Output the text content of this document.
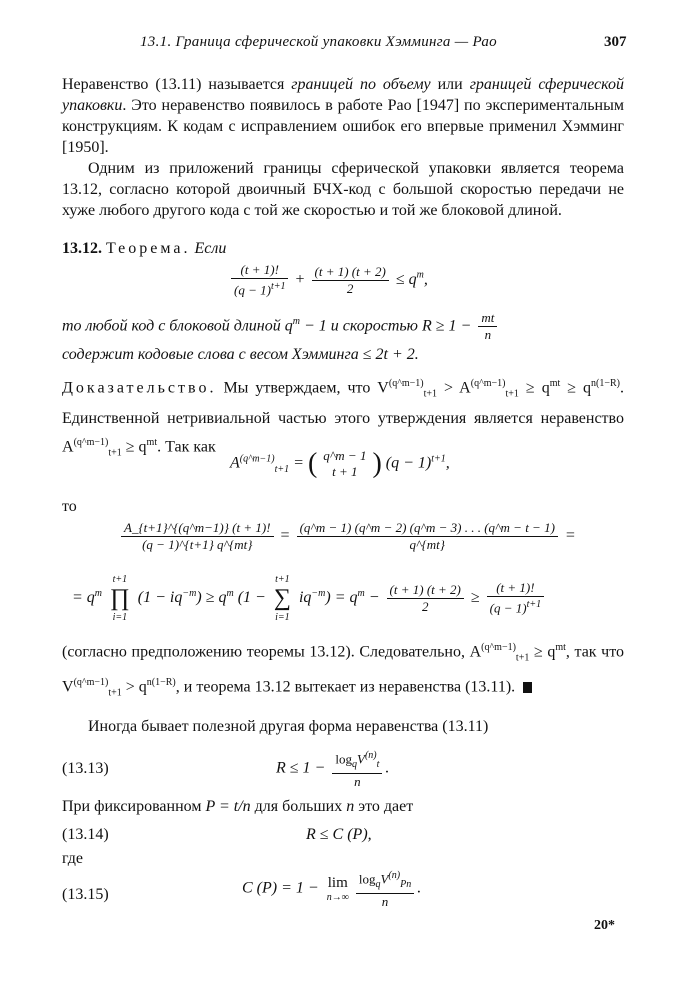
13.1. Граница сферической упаковки Хэмминга — Рао	307
Неравенство (13.11) называется границей по объему или границей сферической упаковки. Это неравенство появилось в работе Рао [1947] по экспериментальным конструкциям. К кодам с исправлением ошибок его впервые применил Хэмминг [1950].
Одним из приложений границы сферической упаковки является теорема 13.12, согласно которой двоичный БЧХ-код с большой скоростью передачи не хуже любого другого кода с той же скоростью и той же блоковой длиной.
13.12. Теорема. Если
$\frac{(t + 1)!}{(q - 1)^{t+1}} + \frac{(t + 1) (t + 2)}{2} \le q^m$,
то любой код с блоковой длиной $q^m - 1$ и скоростью $R \ge 1 - \frac{mt}{n}$

содержит кодовые слова с весом Хэмминга ≤ 2t + 2.
Доказательство. Мы утверждаем, что $V^{(q\^{}m-1)}_{t+1} > A^{(q\^{}m-1)}_{t+1} \ge q^{mt} \ge q^{n(1-R)}$. Единственной нетривиальной частью этого утверждения является неравенство $A^{(q\^{}m-1)}_{t+1} \ge q^{mt}$. Так как
$A^{(q\^{}m-1)}_{t+1}$ = ( q^m − 1
t + 1 ) $(q - 1)^{t+1}$,
то
$\frac{A\_\{t+1\}\^{}\{(q\^{}m-1)\} (t + 1)!}{(q - 1)\^{}\{t+1\} q\^{}\{mt\}} = \frac{(q\^{}m - 1) (q\^{}m - 2) (q\^{}m - 3) . . . (q\^{}m - t - 1)}{q\^{}\{mt\}}$ =
= $q^m$
t+1
∏
i=1
$(1 - iq^{-m}) \ge q^m$ (1 −
t+1
∑
i=1
$iq^{-m}) = q^m - \frac{(t + 1) (t + 2)}{2} \ge \frac{(t + 1)!}{(q - 1)^{t+1}}$
(согласно предположению теоремы 13.12). Следовательно, $A^{(q\^{}m-1)}_{t+1} \ge q^{mt}$, так что $V^{(q\^{}m-1)}_{t+1} > q^{n(1-R)}$, и теорема 13.12 вытекает из неравенства (13.11).
Иногда бывает полезной другая форма неравенства (13.11)
(13.13)	$R \le 1 - \frac{\log_qV^{(n)}_t}{n}$ .
При фиксированном P = t/n для больших n это дает
(13.14)	R ≤ C (P),
где
(13.15)	C (P) = 1 − lim
$n\to\infty \frac{\log_qV^{(n)}_{Pn}}{n}$ .
20*
